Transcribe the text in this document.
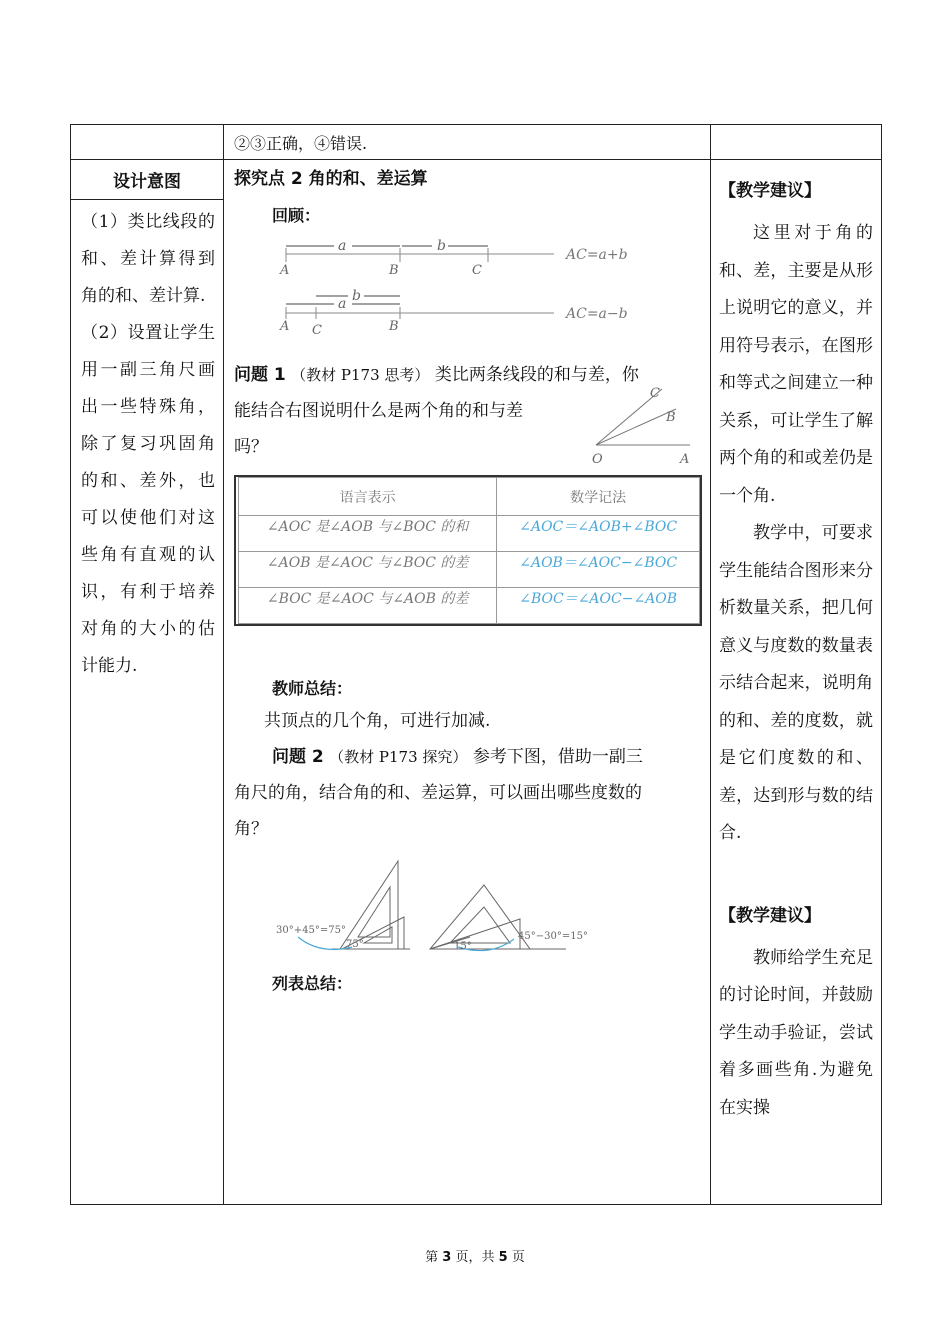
②③正确，④错误.

设计意图
（1）类比线段的和、差计算得到角的和、差计算.
（2）设置让学生用一副三角尺画出一些特殊角，除了复习巩固角的和、差外，也可以使他们对这些角有直观的认识，有利于培养对角的大小的估计能力.

探究点 2 角的和、差运算
回顾：
a	b
A	B	C
AC=a+b
a b
A C	B
AC=a−b
问题 1 （教材 P173 思考） 类比两条线段的和与差，你
能结合右图说明什么是两个角的和与差
吗？
O	A
B
C
语言表示	数学记法
∠AOC 是∠AOB 与∠BOC 的和	∠AOC＝∠AOB+∠BOC
∠AOB 是∠AOC 与∠BOC 的差	∠AOB＝∠AOC−∠BOC
∠BOC 是∠AOC 与∠AOB 的差	∠BOC＝∠AOC−∠AOB
教师总结：
共顶点的几个角，可进行加减.
问题 2 （教材 P173 探究） 参考下图，借助一副三
角尺的角，结合角的和、差运算，可以画出哪些度数的
角？
30°+45°=75°
75°	15°
45°−30°=15°
列表总结：

【教学建议】
这里对于角的和、差，主要是从形上说明它的意义，并用符号表示，在图形和等式之间建立一种关系，可让学生了解两个角的和或差仍是一个角.
教学中，可要求学生能结合图形来分析数量关系，把几何意义与度数的数量表示结合起来，说明角的和、差的度数，就是它们度数的和、差，达到形与数的结合.
【教学建议】
教师给学生充足的讨论时间，并鼓励学生动手验证，尝试着多画些角.为避免在实操
第 3 页，共 5 页
